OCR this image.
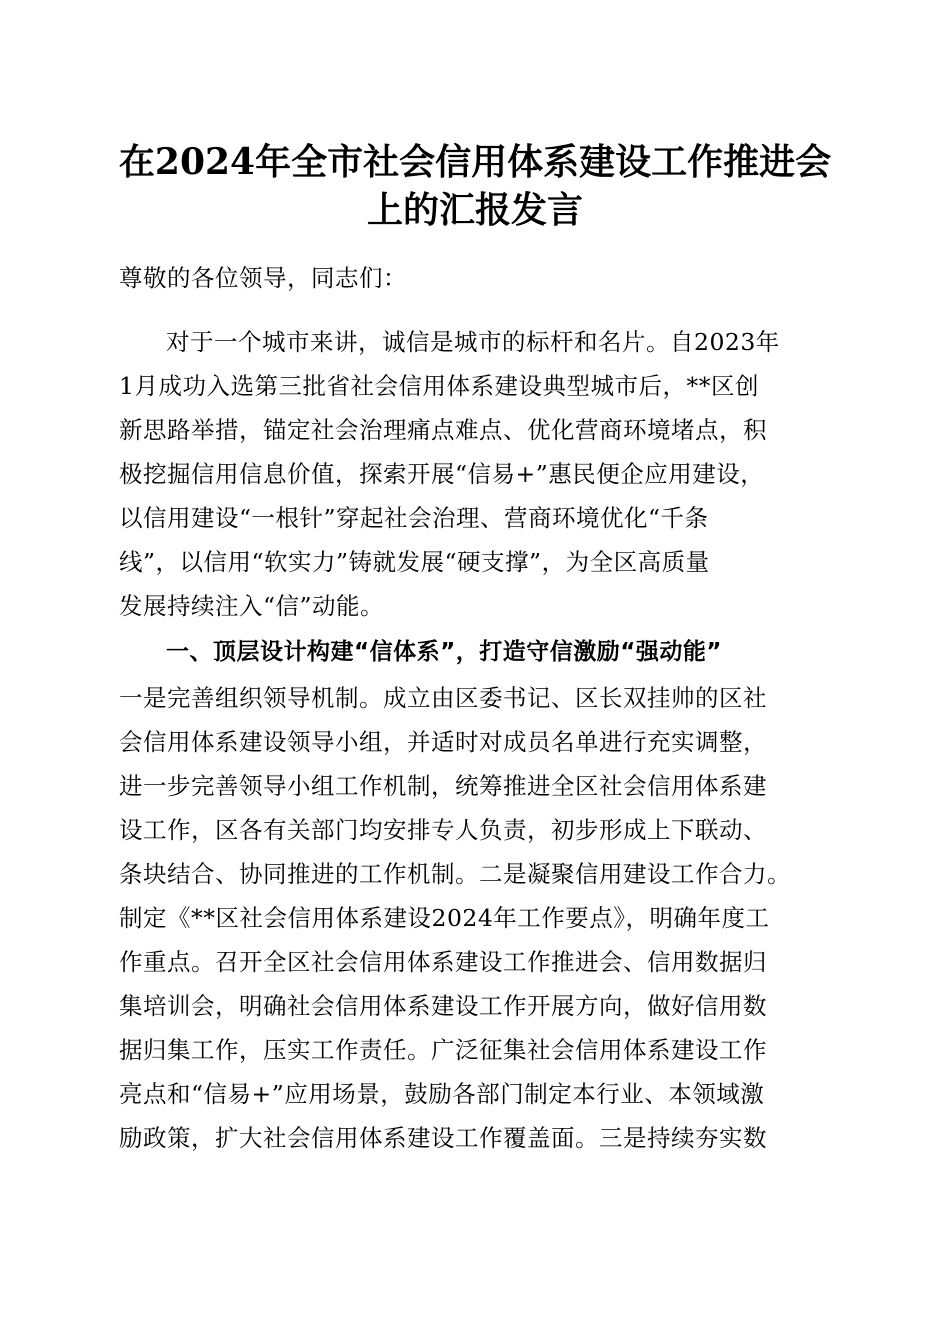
在2024年全市社会信用体系建设工作推进会
上的汇报发言
尊敬的各位领导，同志们：
对于一个城市来讲，诚信是城市的标杆和名片。自2023年
1月成功入选第三批省社会信用体系建设典型城市后，**区创
新思路举措，锚定社会治理痛点难点、优化营商环境堵点，积
极挖掘信用信息价值，探索开展“信易+”惠民便企应用建设，
以信用建设“一根针”穿起社会治理、营商环境优化“千条
线”，以信用“软实力”铸就发展“硬支撑”，为全区高质量
发展持续注入“信”动能。
一、顶层设计构建“信体系”，打造守信激励“强动能”
一是完善组织领导机制。成立由区委书记、区长双挂帅的区社
会信用体系建设领导小组，并适时对成员名单进行充实调整，
进一步完善领导小组工作机制，统筹推进全区社会信用体系建
设工作，区各有关部门均安排专人负责，初步形成上下联动、
条块结合、协同推进的工作机制。二是凝聚信用建设工作合力。
制定《**区社会信用体系建设2024年工作要点》，明确年度工
作重点。召开全区社会信用体系建设工作推进会、信用数据归
集培训会，明确社会信用体系建设工作开展方向，做好信用数
据归集工作，压实工作责任。广泛征集社会信用体系建设工作
亮点和“信易+”应用场景，鼓励各部门制定本行业、本领域激
励政策，扩大社会信用体系建设工作覆盖面。三是持续夯实数
